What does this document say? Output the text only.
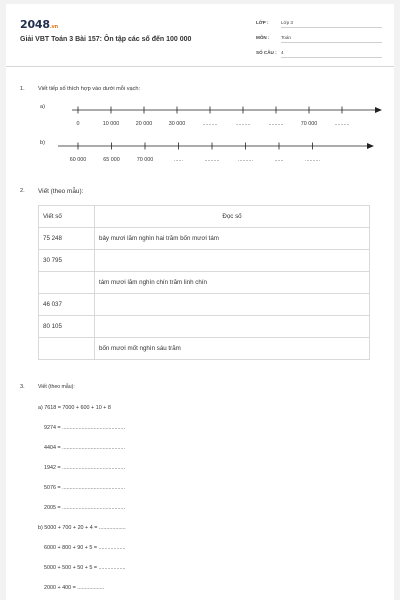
2048.vn
Giải VBT Toán 3 Bài 157: Ôn tập các số đến 100 000
LỚP :	Lớp 3
MÔN : Toán
SỐ CÂU : 4
1. Viết tiếp số thích hợp vào dưới mỗi vạch:
a)
b)
0	10 000	20 000	30 000	..........	..........	..........	70 000	..........
60 000	65 000	70 000	......	..........	..........	......	..........
2. Viết (theo mẫu):
Viết số	Đọc số
75 248	bảy mươi lăm nghìn hai trăm bốn mươi tám
30 795	
	tám mươi lăm nghìn chín trăm linh chín
46 037	
80 105	
	bốn mươi mốt nghìn sáu trăm
3.	Viết (theo mẫu):
a) 7618 = 7000 + 600 + 10 + 8
9274 = ..........................................
4404 = ..........................................
1942 = ..........................................
5076 = ..........................................
2005 = ..........................................
b) 5000 + 700 + 20 + 4 = ..................
6000 + 800 + 90 + 5 = ..................
5000 + 500 + 50 + 5 = ..................
2000 + 400 = ..................
